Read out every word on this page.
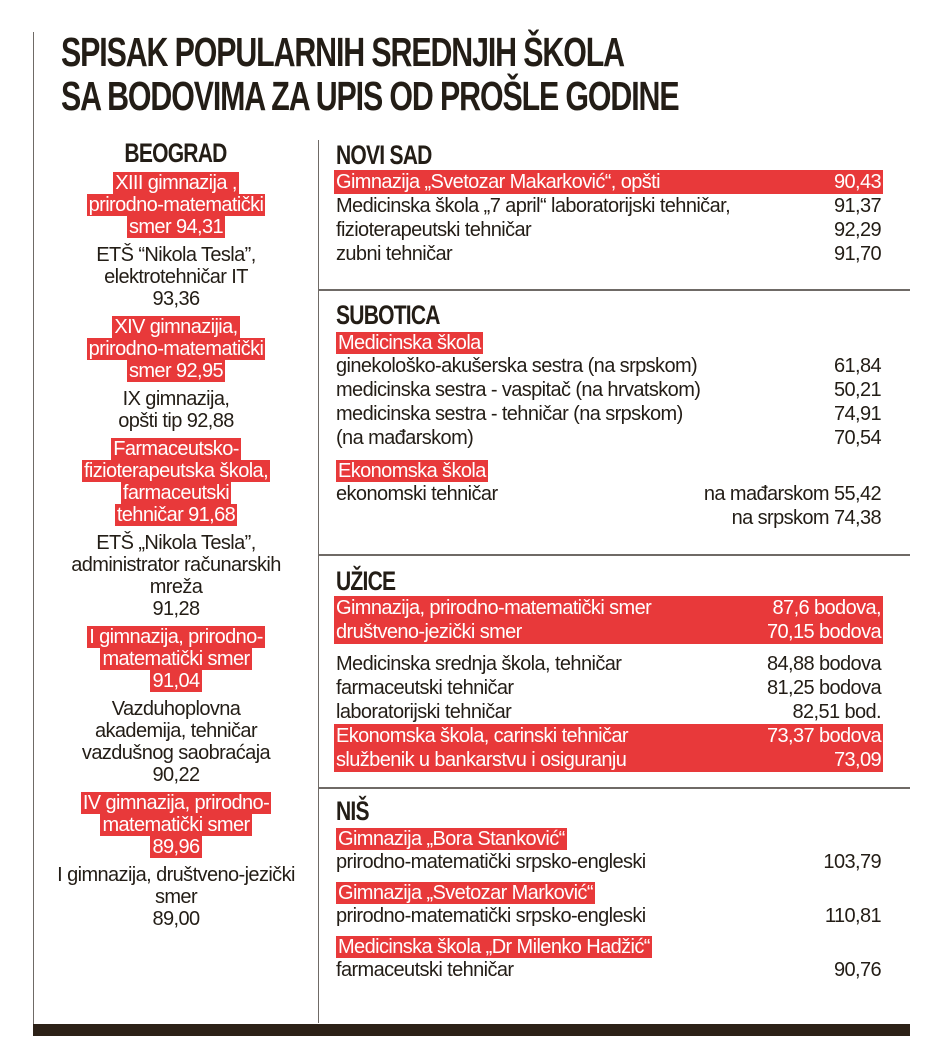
SPISAK POPULARNIH SREDNJIH ŠKOLA
SA BODOVIMA ZA UPIS OD PROŠLE GODINE
BEOGRAD
XIII gimnazija ,
prirodno-matematički
smer 94,31
ETŠ “Nikola Tesla”,
elektrotehničar IT
93,36
XIV gimnazijia,
prirodno-matematički
smer 92,95
IX gimnazija,
opšti tip 92,88
Farmaceutsko-
fizioterapeutska škola,
farmaceutski
tehničar 91,68
ETŠ „Nikola Tesla”,
administrator računarskih
mreža
91,28
I gimnazija, prirodno-
matematički smer
91,04
Vazduhoplovna
akademija, tehničar
vazdušnog saobraćaja
90,22
IV gimnazija, prirodno-
matematički smer
89,96
I gimnazija, društveno-jezički
smer
89,00
NOVI SAD
Gimnazija „Svetozar Makarković“, opšti	90,43
Medicinska škola „7 april“ laboratorijski tehničar,	91,37
fizioterapeutski tehničar	92,29
zubni tehničar	91,70
SUBOTICA
Medicinska škola
ginekološko-akušerska sestra (na srpskom)	61,84
medicinska sestra - vaspitač (na hrvatskom)	50,21
medicinska sestra - tehničar (na srpskom)	74,91
(na mađarskom)	70,54
Ekonomska škola
ekonomski tehničar	na mađarskom 55,42
na srpskom 74,38
UŽICE
Gimnazija, prirodno-matematički smer	87,6 bodova,
društveno-jezički smer	70,15 bodova
Medicinska srednja škola, tehničar	84,88 bodova
farmaceutski tehničar	81,25 bodova
laboratorijski tehničar	82,51 bod.
Ekonomska škola, carinski tehničar	73,37 bodova
službenik u bankarstvu i osiguranju	73,09
NIŠ
Gimnazija „Bora Stanković“
prirodno-matematički srpsko-engleski	103,79
Gimnazija „Svetozar Marković“
prirodno-matematički srpsko-engleski	110,81
Medicinska škola „Dr Milenko Hadžić“
farmaceutski tehničar	90,76
